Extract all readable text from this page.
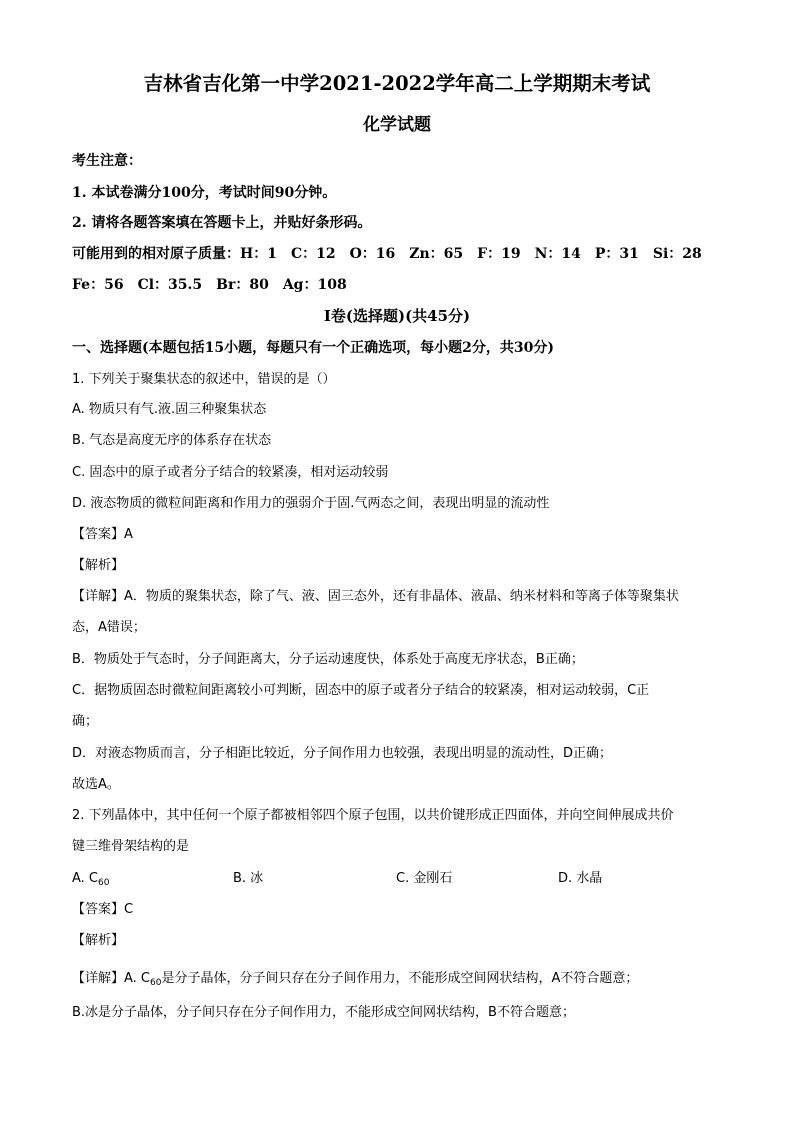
吉林省吉化第一中学2021-2022学年高二上学期期末考试
化学试题
考生注意：
1. 本试卷满分100分，考试时间90分钟。
2. 请将各题答案填在答题卡上，并贴好条形码。
可能用到的相对原子质量：H：1　C：12　O：16　Zn：65　F：19　N：14　P：31　Si：28
Fe：56　Cl：35.5　Br：80　Ag：108
Ⅰ卷(选择题)(共45分)
一、选择题(本题包括15小题，每题只有一个正确选项，每小题2分，共30分)
1. 下列关于聚集状态的叙述中，错误的是（）
A. 物质只有气.液.固三种聚集状态
B. 气态是高度无序的体系存在状态
C. 固态中的原子或者分子结合的较紧凑，相对运动较弱
D. 液态物质的微粒间距离和作用力的强弱介于固.气两态之间，表现出明显的流动性
【答案】A
【解析】
【详解】A．物质的聚集状态，除了气、液、固三态外，还有非晶体、液晶、纳米材料和等离子体等聚集状
态，A错误；
B．物质处于气态时，分子间距离大，分子运动速度快，体系处于高度无序状态，B正确；
C．据物质固态时微粒间距离较小可判断，固态中的原子或者分子结合的较紧凑，相对运动较弱，C正
确；
D．对液态物质而言，分子相距比较近，分子间作用力也较强，表现出明显的流动性，D正确；
故选A。
2. 下列晶体中，其中任何一个原子都被相邻四个原子包围，以共价键形成正四面体，并向空间伸展成共价
键三维骨架结构的是
A. $C_{60}$	B. 冰	C. 金刚石	D. 水晶
【答案】C
【解析】
【详解】A. $C_{60}$是分子晶体，分子间只存在分子间作用力，不能形成空间网状结构，A不符合题意；
B.冰是分子晶体，分子间只存在分子间作用力，不能形成空间网状结构，B不符合题意；
